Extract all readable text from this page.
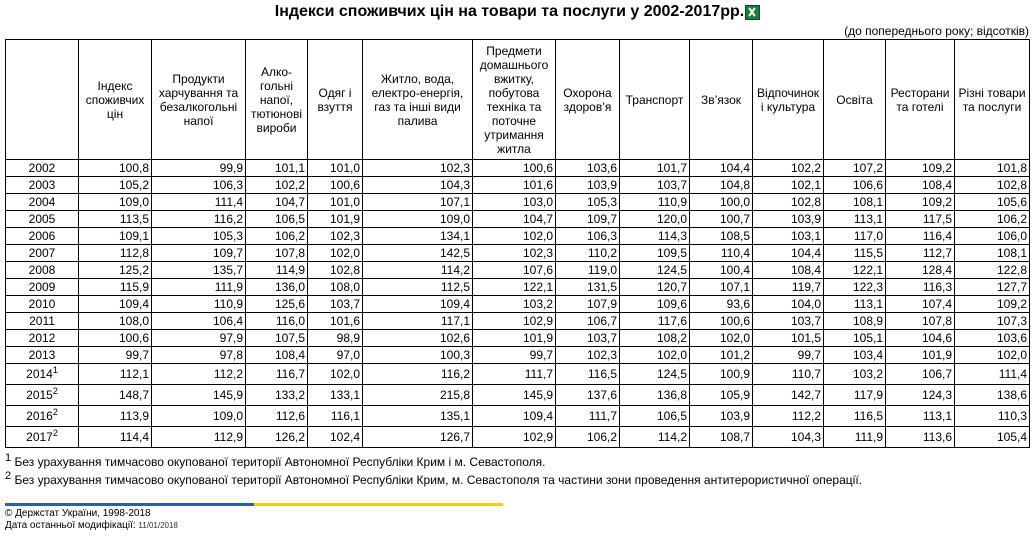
Індекси споживчих цін на товари та послуги у 2002-2017рр.
(до попереднього року; відсотків)
	Індекс споживчих цін	Продукти харчування та безалкогольні напої	Алко-гольні напої, тютюнові вироби	Одяг і взуття	Житло, вода, електро-енергія, газ та інші види палива	Предмети домашнього вжитку, побутова техніка та поточне утримання житла	Охорона здоров’я	Транспорт	Зв’язок	Відпочинок і культура	Освіта	Ресторани та готелі	Різні товари та послуги
2002	100,8	99,9	101,1	101,0	102,3	100,6	103,6	101,7	104,4	102,2	107,2	109,2	101,8
2003	105,2	106,3	102,2	100,6	104,3	101,6	103,9	103,7	104,8	102,1	106,6	108,4	102,8
2004	109,0	111,4	104,7	101,0	107,1	103,0	105,3	110,9	100,0	102,8	108,1	109,2	105,6
2005	113,5	116,2	106,5	101,9	109,0	104,7	109,7	120,0	100,7	103,9	113,1	117,5	106,2
2006	109,1	105,3	106,2	102,3	134,1	102,0	106,3	114,3	108,5	103,1	117,0	116,4	106,0
2007	112,8	109,7	107,8	102,0	142,5	102,3	110,2	109,5	110,4	104,4	115,5	112,7	108,1
2008	125,2	135,7	114,9	102,8	114,2	107,6	119,0	124,5	100,4	108,4	122,1	128,4	122,8
2009	115,9	111,9	136,0	108,0	112,5	122,1	131,5	120,7	107,1	119,7	122,3	116,3	127,7
2010	109,4	110,9	125,6	103,7	109,4	103,2	107,9	109,6	93,6	104,0	113,1	107,4	109,2
2011	108,0	106,4	116,0	101,6	117,1	102,9	106,7	117,6	100,6	103,7	108,9	107,8	107,3
2012	100,6	97,9	107,5	98,9	102,6	101,9	103,7	108,2	102,0	101,5	105,1	104,6	103,6
2013	99,7	97,8	108,4	97,0	100,3	99,7	102,3	102,0	101,2	99,7	103,4	101,9	102,0
2014$^1$	112,1	112,2	116,7	102,0	116,2	111,7	116,5	124,5	100,9	110,7	103,2	106,7	111,4
2015$^2$	148,7	145,9	133,2	133,1	215,8	145,9	137,6	136,8	105,9	142,7	117,9	124,3	138,6
2016$^2$	113,9	109,0	112,6	116,1	135,1	109,4	111,7	106,5	103,9	112,2	116,5	113,1	110,3
2017$^2$	114,4	112,9	126,2	102,4	126,7	102,9	106,2	114,2	108,7	104,3	111,9	113,6	105,4
$^1$ Без урахування тимчасово окупованої території Автономної Республіки Крим і м. Севастополя.
$^2$ Без урахування тимчасово окупованої території Автономної Республіки Крим, м. Севастополя та частини зони проведення антитерористичної операції.
© Держстат України, 1998-2018
Дата останньої модифікації: 11/01/2018
